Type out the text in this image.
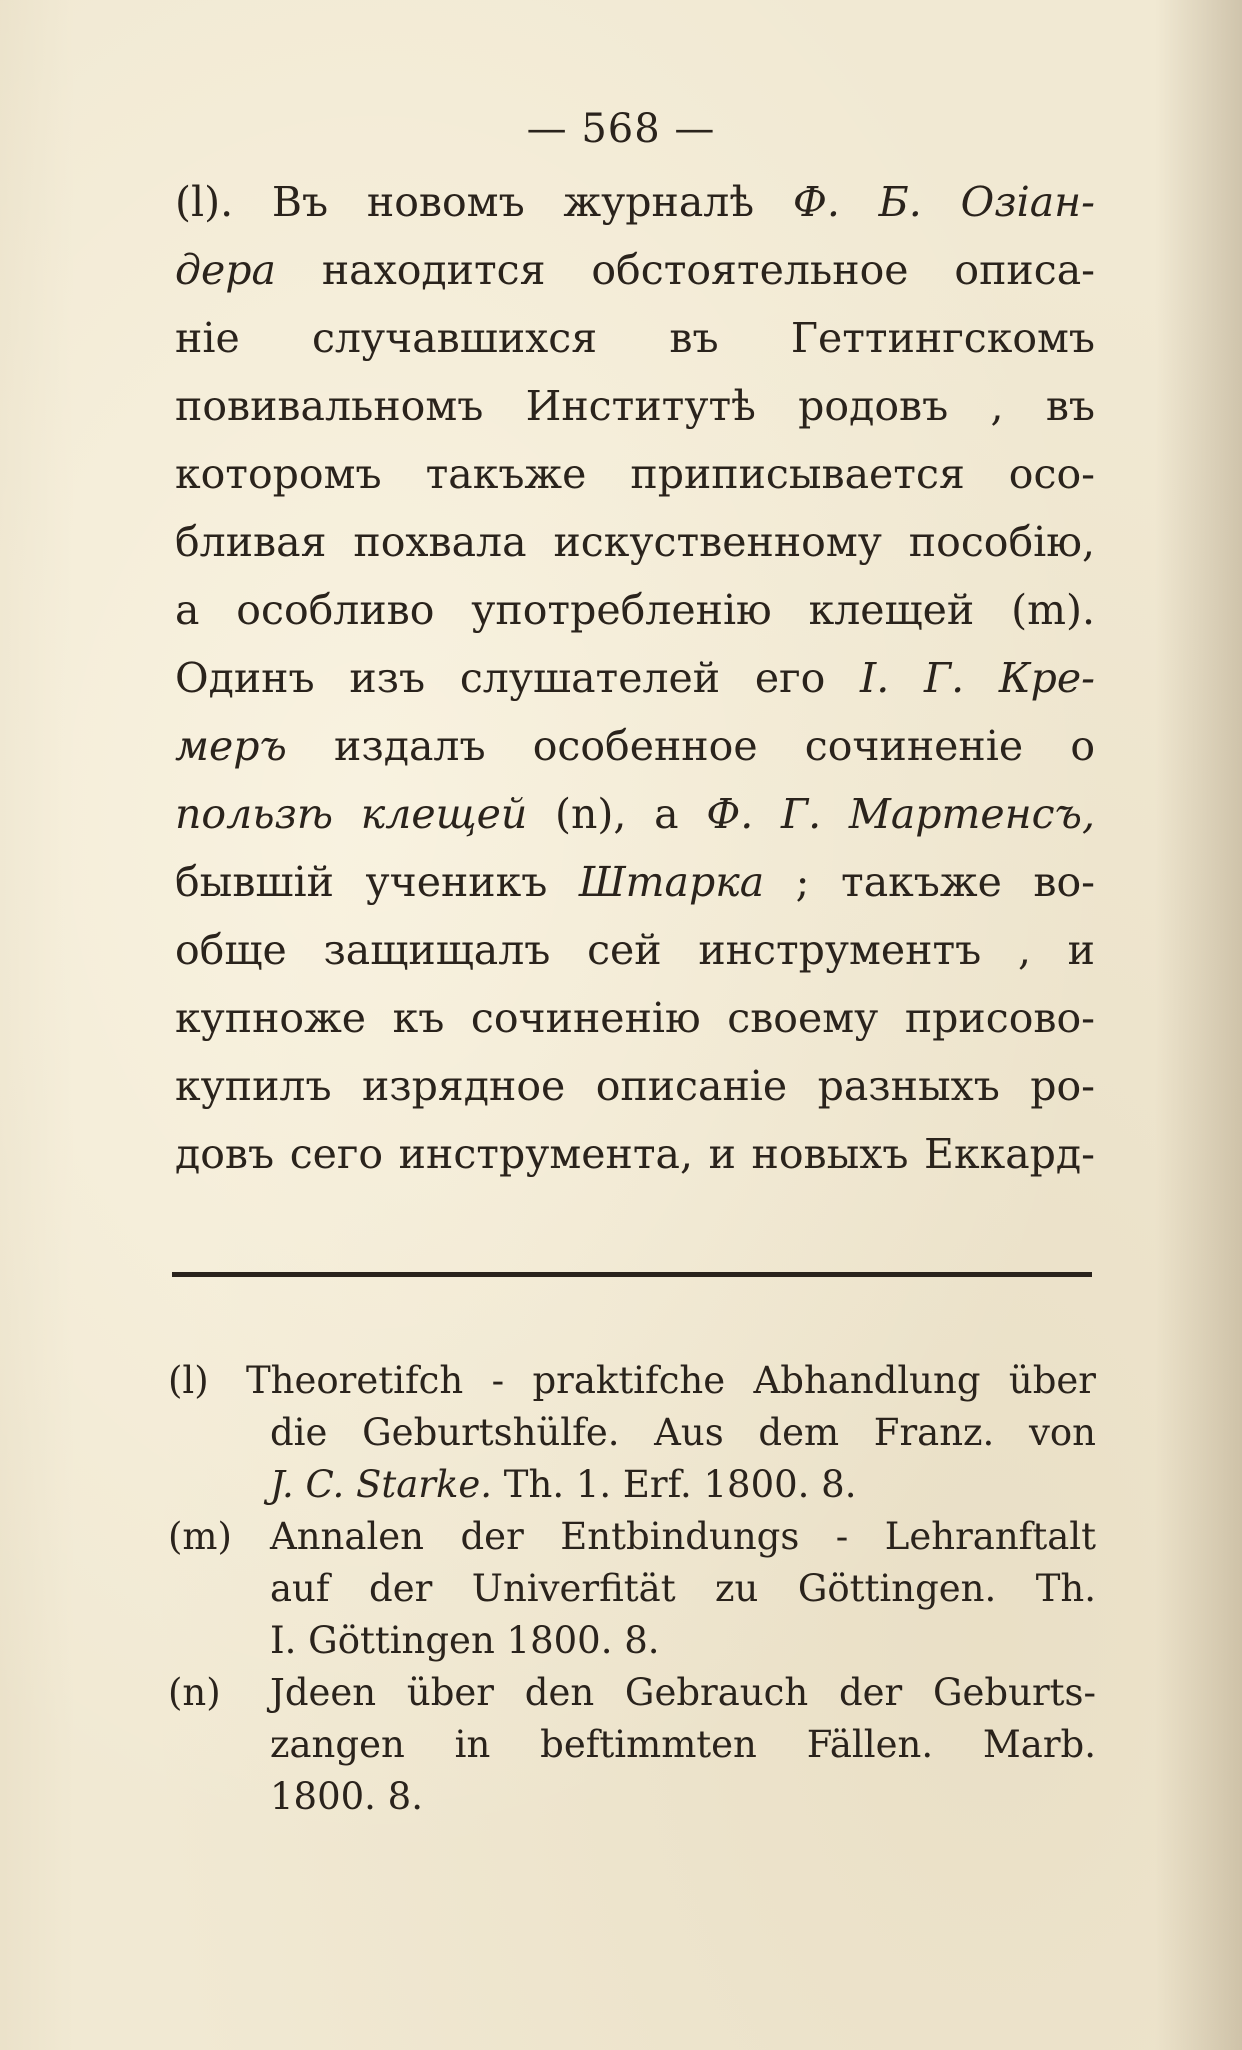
— 568 —
(l). Въ новомъ журналѣ Ф. Б. Озіан-
дера находится обстоятельное описа-
ніе случавшихся въ Геттингскомъ
повивальномъ Институтѣ родовъ , въ
которомъ такъже приписывается осо-
бливая похвала искуственному пособію,
а особливо употребленію клещей (m).
Одинъ изъ слушателей его І. Г. Кре-
меръ издалъ особенное сочиненіе о
пользѣ клещей (n), а Ф. Г. Мартенсъ,
бывшій ученикъ Штарка ; такъже во-
обще защищалъ сей инструментъ , и
купноже къ сочиненію своему присово-
купилъ изрядное описаніе разныхъ ро-
довъ сего инструмента, и новыхъ Еккард-
(l) Theoretifch - praktifche Abhandlung über
die Geburtshülfe. Aus dem Franz. von
J. C. Starke. Th. 1. Erf. 1800. 8.
(m) Annalen der Entbindungs - Lehranftalt
auf der Univerfität zu Göttingen. Th.
I. Göttingen 1800. 8.
(n) Jdeen über den Gebrauch der Geburts-
zangen in beftimmten Fällen. Marb.
1800. 8.
